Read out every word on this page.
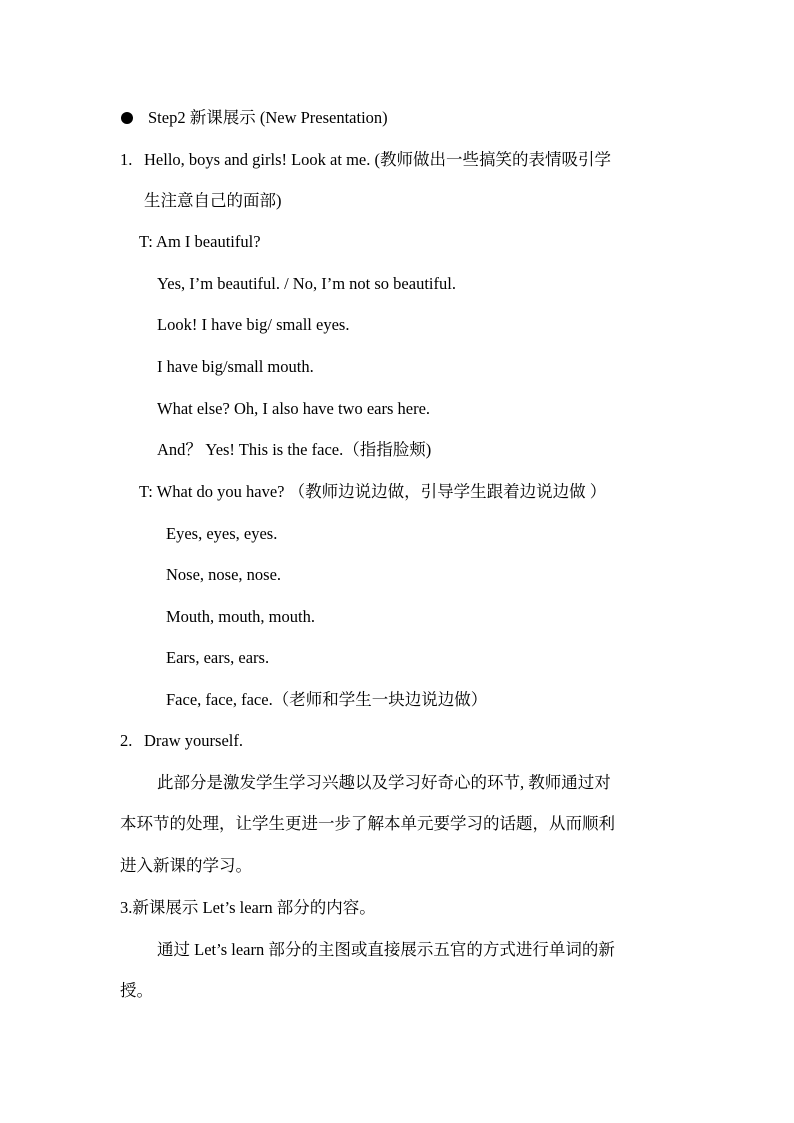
Step2 新课展示 (New Presentation)
1. Hello, boys and girls! Look at me. (教师做出一些搞笑的表情吸引学
生注意自己的面部)
T: Am I beautiful?
Yes, I’m beautiful. / No, I’m not so beautiful.
Look! I have big/ small eyes.
I have big/small mouth.
What else? Oh, I also have two ears here.
And？ Yes! This is the face.（指指脸颊)
T: What do you have? （教师边说边做，引导学生跟着边说边做 ）
Eyes, eyes, eyes.
Nose, nose, nose.
Mouth, mouth, mouth.
Ears, ears, ears.
Face, face, face.（老师和学生一块边说边做）
2. Draw yourself.
此部分是激发学生学习兴趣以及学习好奇心的环节, 教师通过对
本环节的处理，让学生更进一步了解本单元要学习的话题，从而顺利
进入新课的学习。
3.新课展示 Let’s learn 部分的内容。
通过 Let’s learn 部分的主图或直接展示五官的方式进行单词的新
授。
